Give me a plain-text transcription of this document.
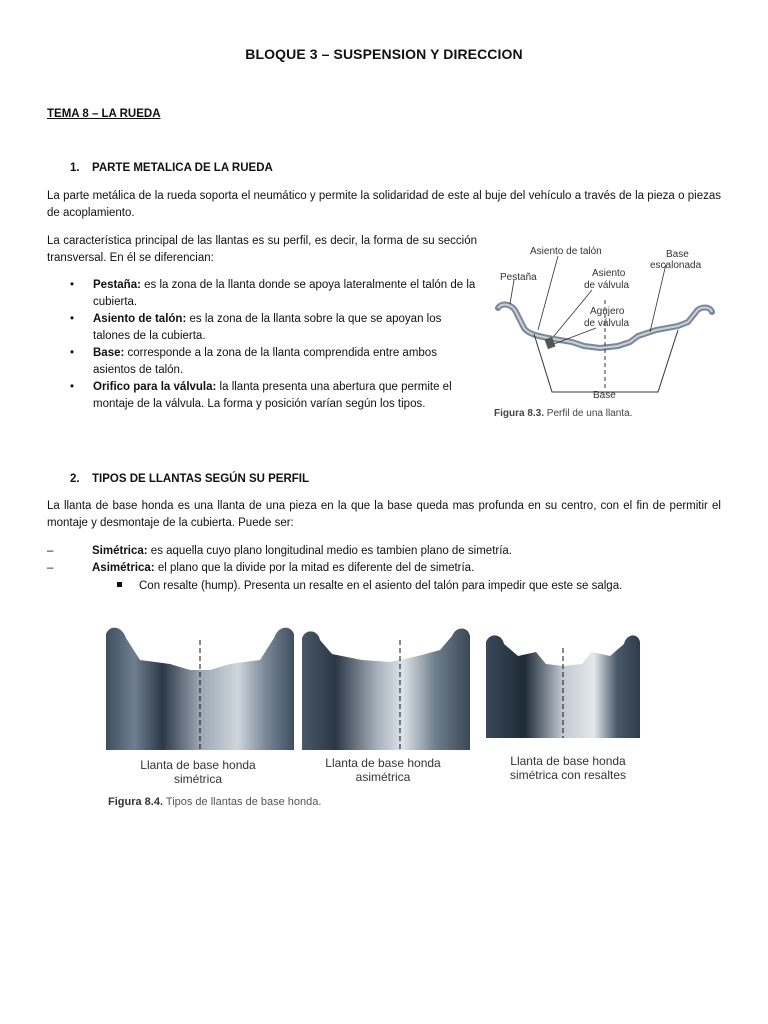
BLOQUE 3 – SUSPENSION Y DIRECCION
TEMA 8 – LA RUEDA
1. PARTE METALICA DE LA RUEDA
La parte metálica de la rueda soporta el neumático y permite la solidaridad de este al buje del vehículo a través de la pieza o piezas de acoplamiento.
La característica principal de las llantas es su perfil, es decir, la forma de su sección transversal. En él se diferencian:
• Pestaña: es la zona de la llanta donde se apoya lateralmente el talón de la cubierta.
• Asiento de talón: es la zona de la llanta sobre la que se apoyan los talones de la cubierta.
• Base: corresponde a la zona de la llanta comprendida entre ambos asientos de talón.
• Orifico para la válvula: la llanta presenta una abertura que permite el montaje de la válvula. La forma y posición varían según los tipos.
Asiento de talón	Base
escalonada
Pestaña	Asiento
de válvula
Agujero
de válvula
Base
Figura 8.3. Perfil de una llanta.
2. TIPOS DE LLANTAS SEGÚN SU PERFIL
La llanta de base honda es una llanta de una pieza en la que la base queda mas profunda en su centro, con el fin de permitir el montaje y desmontaje de la cubierta. Puede ser:
–	Simétrica: es aquella cuyo plano longitudinal medio es tambien plano de simetría.
–	Asimétrica: el plano que la divide por la mitad es diferente del de simetría.
Con resalte (hump). Presenta un resalte en el asiento del talón para impedir que este se salga.
Llanta de base honda
simétrica
Llanta de base honda
asimétrica
Llanta de base honda
simétrica con resaltes
Figura 8.4. Tipos de llantas de base honda.
